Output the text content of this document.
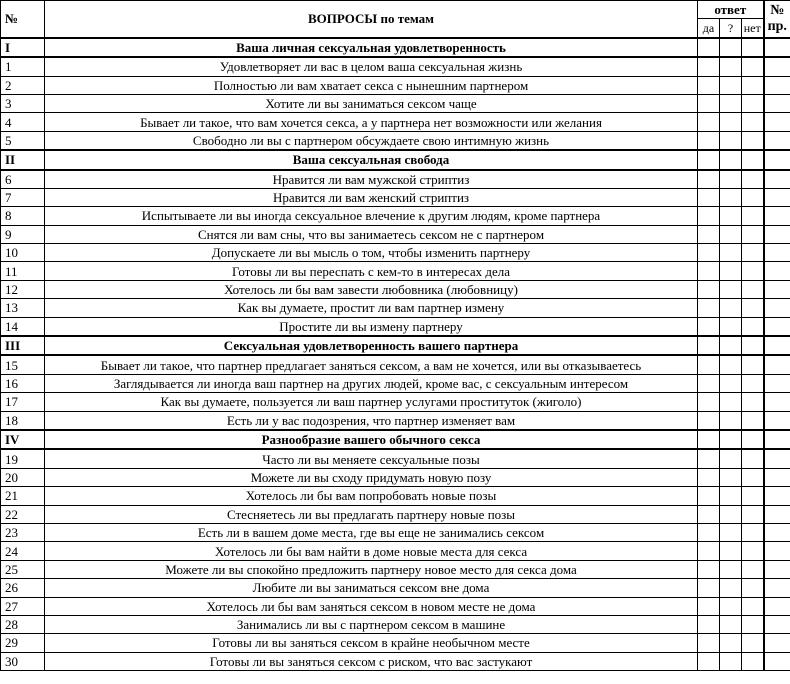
№	ВОПРОСЫ по темам	ответ			№
пр.
		да	?	нет	
I	Ваша личная сексуальная удовлетворенность				
1	Удовлетворяет ли вас в целом ваша сексуальная жизнь				
2	Полностью ли вам хватает секса с нынешним партнером				
3	Хотите ли вы заниматься сексом чаще				
4	Бывает ли такое, что вам хочется секса, а у партнера нет возможности или желания				
5	Свободно ли вы с партнером обсуждаете свою интимную жизнь				
II	Ваша сексуальная свобода				
6	Нравится ли вам мужской стриптиз				
7	Нравится ли вам женский стриптиз				
8	Испытываете ли вы иногда сексуальное влечение к другим людям, кроме партнера				
9	Снятся ли вам сны, что вы занимаетесь сексом не с партнером				
10	Допускаете ли вы мысль о том, чтобы изменить партнеру				
11	Готовы ли вы переспать с кем-то в интересах дела				
12	Хотелось ли бы вам завести любовника (любовницу)				
13	Как вы думаете, простит ли вам партнер измену				
14	Простите ли вы измену партнеру				
III	Сексуальная удовлетворенность вашего партнера				
15	Бывает ли такое, что партнер предлагает заняться сексом, а вам не хочется, или вы отказываетесь				
16	Заглядывается ли иногда ваш партнер на других людей, кроме вас, с сексуальным интересом				
17	Как вы думаете, пользуется ли ваш партнер услугами проституток (жиголо)				
18	Есть ли у вас подозрения, что партнер изменяет вам				
IV	Разнообразие вашего обычного секса				
19	Часто ли вы меняете сексуальные позы				
20	Можете ли вы сходу придумать новую позу				
21	Хотелось ли бы вам попробовать новые позы				
22	Стесняетесь ли вы предлагать партнеру новые позы				
23	Есть ли в вашем доме места, где вы еще не занимались сексом				
24	Хотелось ли бы вам найти в доме новые места для секса				
25	Можете ли вы спокойно предложить партнеру новое место для секса дома				
26	Любите ли вы заниматься сексом вне дома				
27	Хотелось ли бы вам заняться сексом в новом месте не дома				
28	Занимались ли вы с партнером сексом в машине				
29	Готовы ли вы заняться сексом в крайне необычном месте				
30	Готовы ли вы заняться сексом с риском, что вас застукают				
